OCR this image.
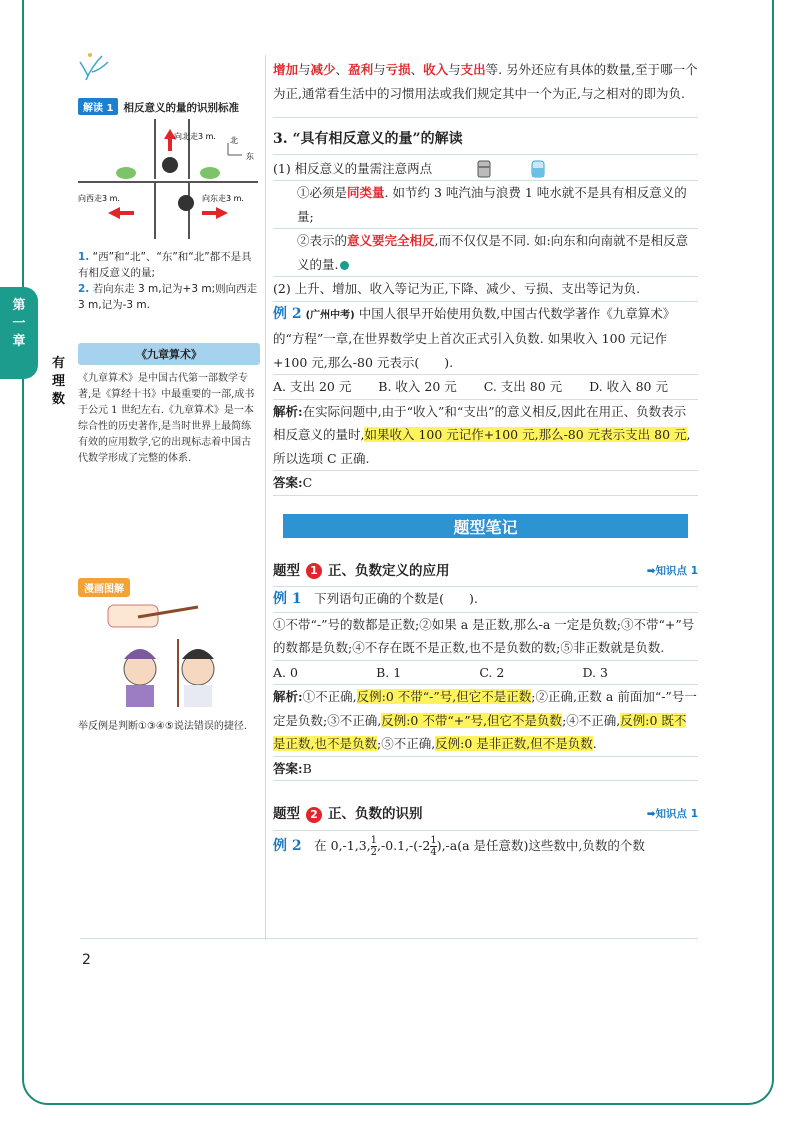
第一章
有理数
解读 1 相反意义的量的识别标准
向北走3 m.
向西走3 m.	向东走3 m.
北
东
1. “西”和“北”、“东”和“北”都不是具有相反意义的量;
2. 若向东走 3 m,记为+3 m;则向西走 3 m,记为-3 m.
《九章算术》
《九章算术》是中国古代第一部数学专著,是《算经十书》中最重要的一部,成书于公元 1 世纪左右.《九章算术》是一本综合性的历史著作,是当时世界上最简练有效的应用数学,它的出现标志着中国古代数学形成了完整的体系.
漫画图解
举反例是判断①③④⑤说法错误的捷径.
增加与减少、盈利与亏损、收入与支出等. 另外还应有具体的数量,至于哪一个为正,通常看生活中的习惯用法或我们规定其中一个为正,与之相对的即为负.
3. “具有相反意义的量”的解读
(1) 相反意义的量需注意两点
①必须是同类量. 如节约 3 吨汽油与浪费 1 吨水就不是具有相反意义的量;
②表示的意义要完全相反,而不仅仅是不同. 如:向东和向南就不是相反意义的量.
(2) 上升、增加、收入等记为正,下降、减少、亏损、支出等记为负.
例 2 (广州中考) 中国人很早开始使用负数,中国古代数学著作《九章算术》的“方程”一章,在世界数学史上首次正式引入负数. 如果收入 100 元记作+100 元,那么-80 元表示(　　).
A. 支出 20 元 B. 收入 20 元 C. 支出 80 元 D. 收入 80 元
解析:在实际问题中,由于“收入”和“支出”的意义相反,因此在用正、负数表示相反意义的量时,如果收入 100 元记作+100 元,那么-80 元表示支出 80 元,所以选项 C 正确.
答案:C
题型笔记
题型 1 正、负数定义的应用	➡知识点 1
例 1　 下列语句正确的个数是(　　).
①不带“-”号的数都是正数;②如果 a 是正数,那么-a 一定是负数;③不带“+”号的数都是负数;④不存在既不是正数,也不是负数的数;⑤非正数就是负数.
A. 0	B. 1	C. 2	D. 3
解析:①不正确,反例:0 不带“-”号,但它不是正数;②正确,正数 a 前面加“-”号一定是负数;③不正确,反例:0 不带“+”号,但它不是负数;④不正确,反例:0 既不是正数,也不是负数;⑤不正确,反例:0 是非正数,但不是负数.
答案:B
题型 2 正、负数的识别	➡知识点 1
例 2　 在 0,-1,3, $\frac{1}{2} ,-0.1,-(-2 \frac{1}{4} ),-a(a$ 是任意数)这些数中,负数的个数
2
